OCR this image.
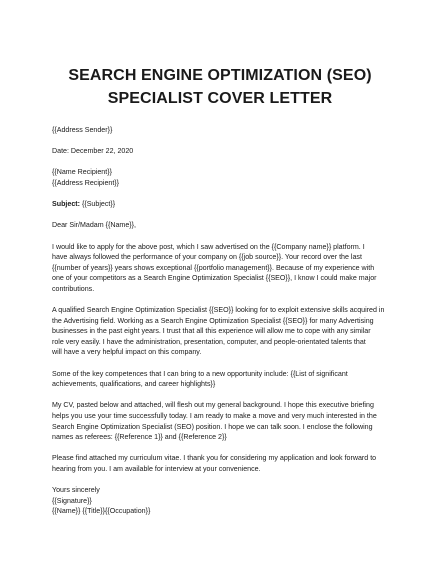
SEARCH ENGINE OPTIMIZATION (SEO)
SPECIALIST COVER LETTER
{{Address Sender}}
Date: December 22, 2020
{{Name Recipient}}
{{Address Recipient}}
Subject: {{Subject}}
Dear Sir/Madam {{Name}},
I would like to apply for the above post, which I saw advertised on the {{Company name}} platform. I
have always followed the performance of your company on {{job source}}. Your record over the last
{{number of years}} years shows exceptional {{portfolio management}}. Because of my experience with
one of your competitors as a Search Engine Optimization Specialist {{SEO}}, I know I could make major
contributions.
A qualified Search Engine Optimization Specialist {{SEO}} looking for to exploit extensive skills acquired in
the Advertising field. Working as a Search Engine Optimization Specialist {{SEO}} for many Advertising
businesses in the past eight years. I trust that all this experience will allow me to cope with any similar
role very easily. I have the administration, presentation, computer, and people-orientated talents that
will have a very helpful impact on this company.
Some of the key competences that I can bring to a new opportunity include: {{List of significant
achievements, qualifications, and career highlights}}
My CV, pasted below and attached, will flesh out my general background. I hope this executive briefing
helps you use your time successfully today. I am ready to make a move and very much interested in the
Search Engine Optimization Specialist (SEO) position. I hope we can talk soon. I enclose the following
names as referees: {{Reference 1}} and {{Reference 2}}
Please find attached my curriculum vitae. I thank you for considering my application and look forward to
hearing from you. I am available for interview at your convenience.
Yours sincerely
{{Signature}}
{{Name}} {{Title}}{{Occupation}}
